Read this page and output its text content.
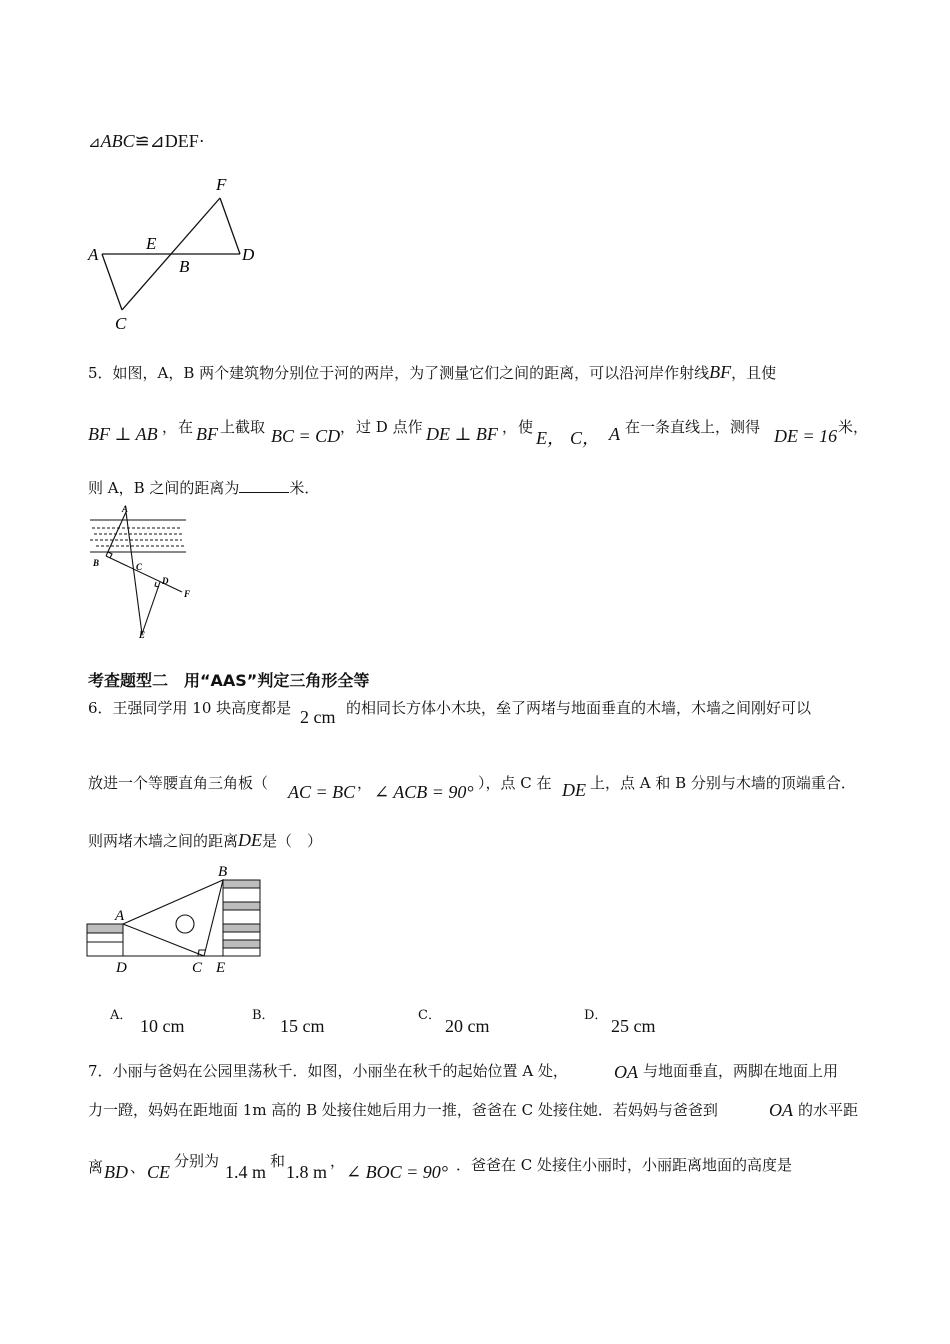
⊿ABC≌⊿DEF·
A
E
B
D
C
F
5．如图，A，B 两个建筑物分别位于河的两岸，为了测量它们之间的距离，可以沿河岸作射线BF，且使
BF ⊥ AB ， 在 BF 上截取 BC = CD ， 过 D 点作 DE ⊥ BF ， 使
E， C， A 在一条直线上，测得 DE = 16 米，
则 A，B 之间的距离为	米．
A
B	C
D
F
E
考查题型二　用“AAS”判定三角形全等
6．王强同学用 10 块高度都是 2 cm 的相同长方体小木块，垒了两堵与地面垂直的木墙，木墙之间刚好可以
放进一个等腰直角三角板（ AC = BC ， ∠ ACB = 90° ），点 C 在 DE 上，点 A 和 B 分别与木墙的顶端重合．
则两堵木墙之间的距离DE是（　）
A
B
D	C E
A．
10 cm
B．
15 cm
C．
20 cm
D．
25 cm
7．小丽与爸妈在公园里荡秋千．如图，小丽坐在秋千的起始位置 A 处，	OA 与地面垂直，两脚在地面上用
力一蹬，妈妈在距地面 1m 高的 B 处接住她后用力一推，爸爸在 C 处接住她．若妈妈与爸爸到	OA 的水平距
离 BD 、 CE
分别为
1.4 m
和
1.8 m
，
∠ BOC = 90° ．爸爸在 C 处接住小丽时，小丽距离地面的高度是
